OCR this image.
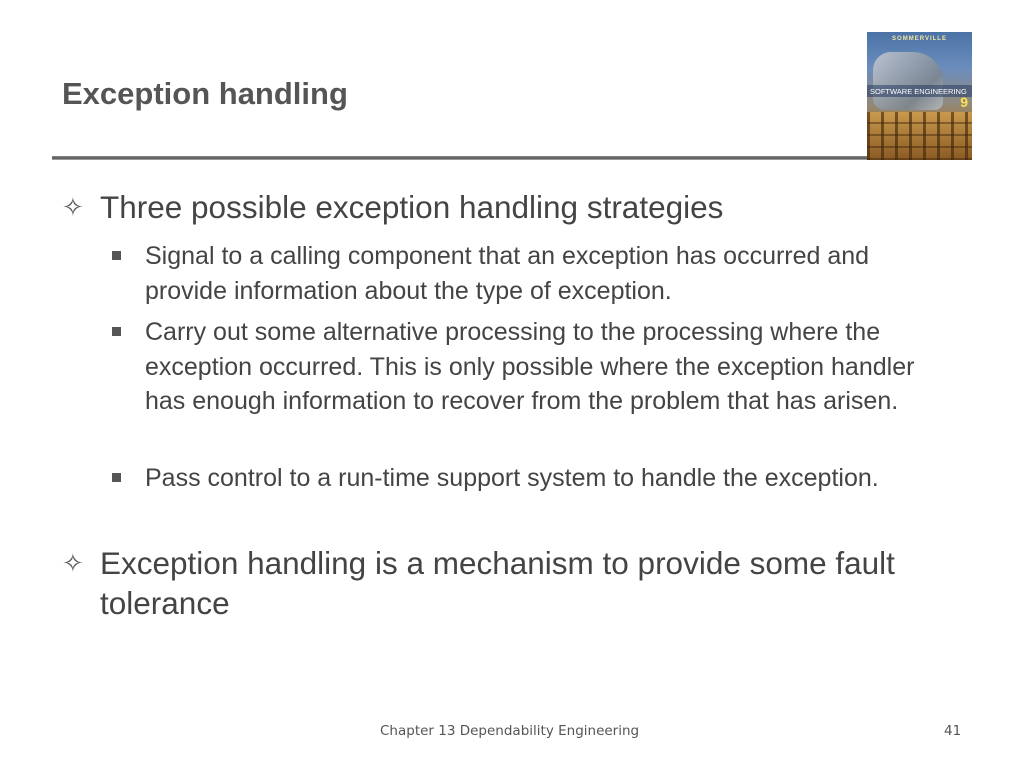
Exception handling
SOMMERVILLE
SOFTWARE ENGINEERING
9
✧ Three possible exception handling strategies
Signal to a calling component that an exception has occurred and provide information about the type of exception.
Carry out some alternative processing to the processing where the exception occurred. This is only possible where the exception handler has enough information to recover from the problem that has arisen.
Pass control to a run-time support system to handle the exception.
✧ Exception handling is a mechanism to provide some fault tolerance
Chapter 13 Dependability Engineering	41
